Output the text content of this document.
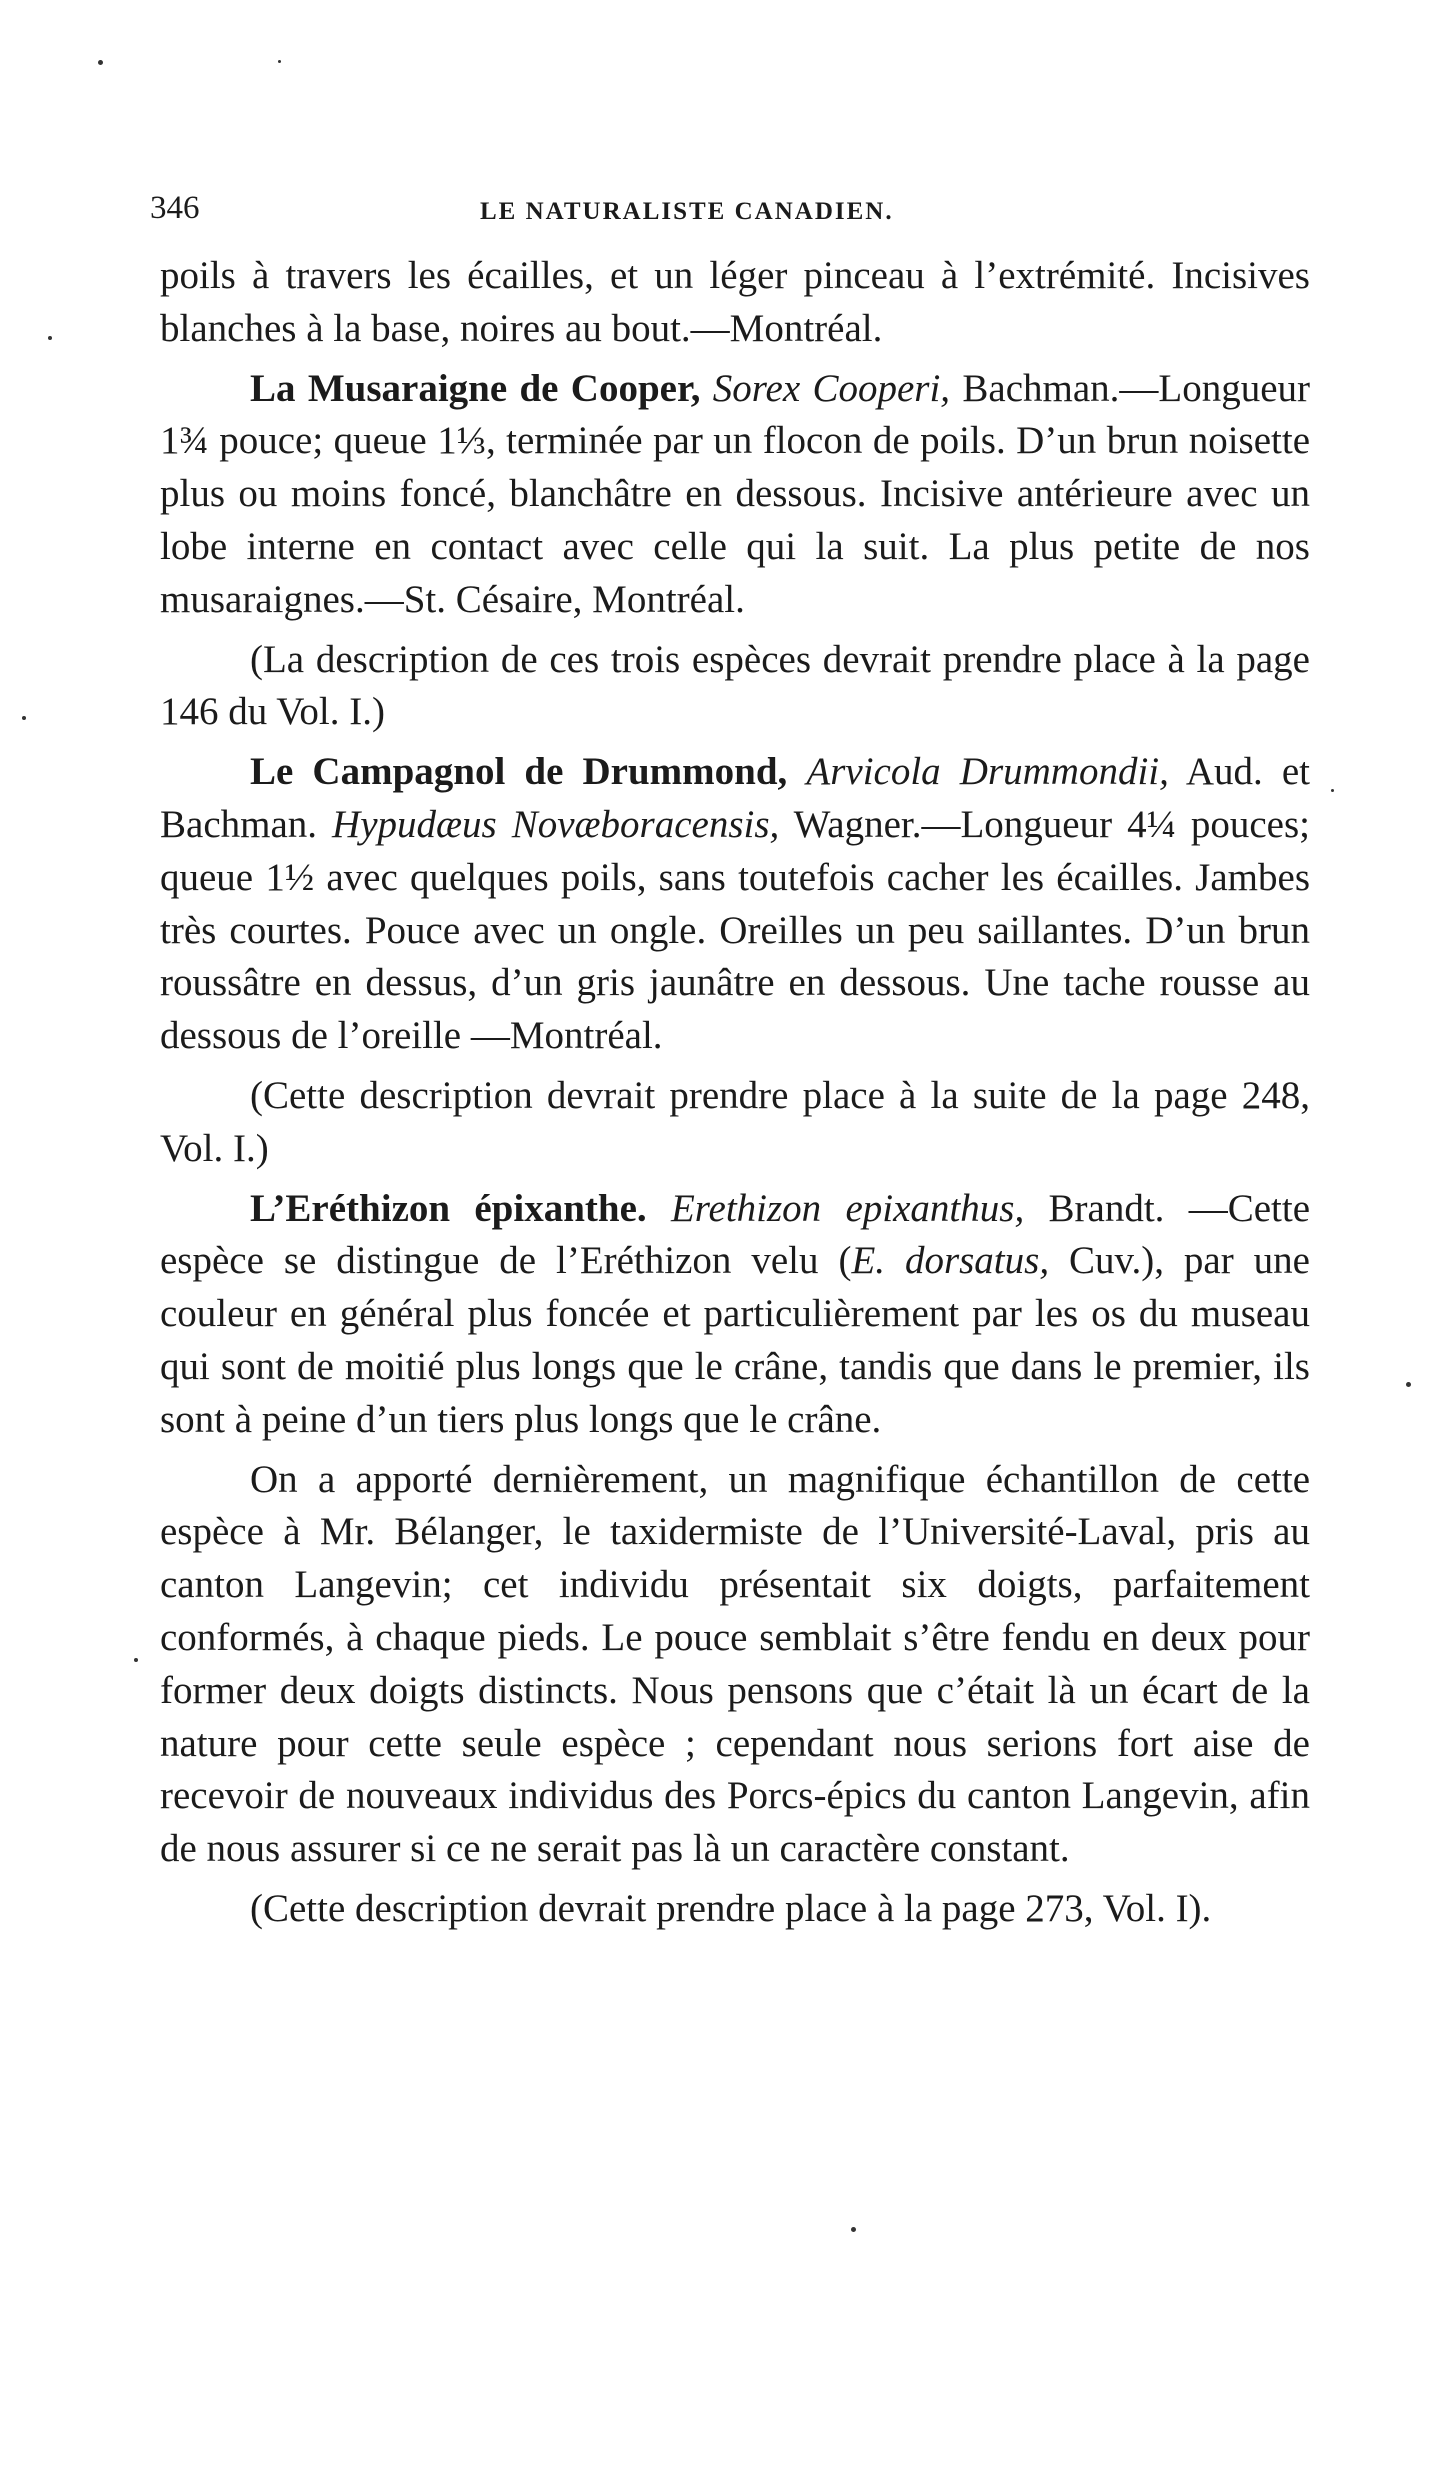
346	LE NATURALISTE CANADIEN.

poils à travers les écailles, et un léger pinceau à l’extrémité. Incisives blanches à la base, noires au bout.—Montréal.

La Musaraigne de Cooper, Sorex Cooperi, Bachman.—Longueur 1¾ pouce; queue 1⅓, terminée par un flocon de poils. D’un brun noisette plus ou moins foncé, blanchâtre en dessous. Incisive antérieure avec un lobe interne en contact avec celle qui la suit. La plus petite de nos musaraignes.—St. Césaire, Montréal.

(La description de ces trois espèces devrait prendre place à la page 146 du Vol. I.)

Le Campagnol de Drummond, Arvicola Drummondii, Aud. et Bachman. Hypudæus Novæboracensis, Wagner.—Longueur 4¼ pouces; queue 1½ avec quelques poils, sans toutefois cacher les écailles. Jambes très courtes. Pouce avec un ongle. Oreilles un peu saillantes. D’un brun roussâtre en dessus, d’un gris jaunâtre en dessous. Une tache rousse au dessous de l’oreille —Montréal.

(Cette description devrait prendre place à la suite de la page 248, Vol. I.)

L’Eréthizon épixanthe. Erethizon epixanthus, Brandt. —Cette espèce se distingue de l’Eréthizon velu (E. dorsatus, Cuv.), par une couleur en général plus foncée et particulièrement par les os du museau qui sont de moitié plus longs que le crâne, tandis que dans le premier, ils sont à peine d’un tiers plus longs que le crâne.

On a apporté dernièrement, un magnifique échantillon de cette espèce à Mr. Bélanger, le taxidermiste de l’Université-Laval, pris au canton Langevin; cet individu présentait six doigts, parfaitement conformés, à chaque pieds. Le pouce semblait s’être fendu en deux pour former deux doigts distincts. Nous pensons que c’était là un écart de la nature pour cette seule espèce ; cependant nous serions fort aise de recevoir de nouveaux individus des Porcs-épics du canton Langevin, afin de nous assurer si ce ne serait pas là un caractère constant.

(Cette description devrait prendre place à la page 273, Vol. I).
